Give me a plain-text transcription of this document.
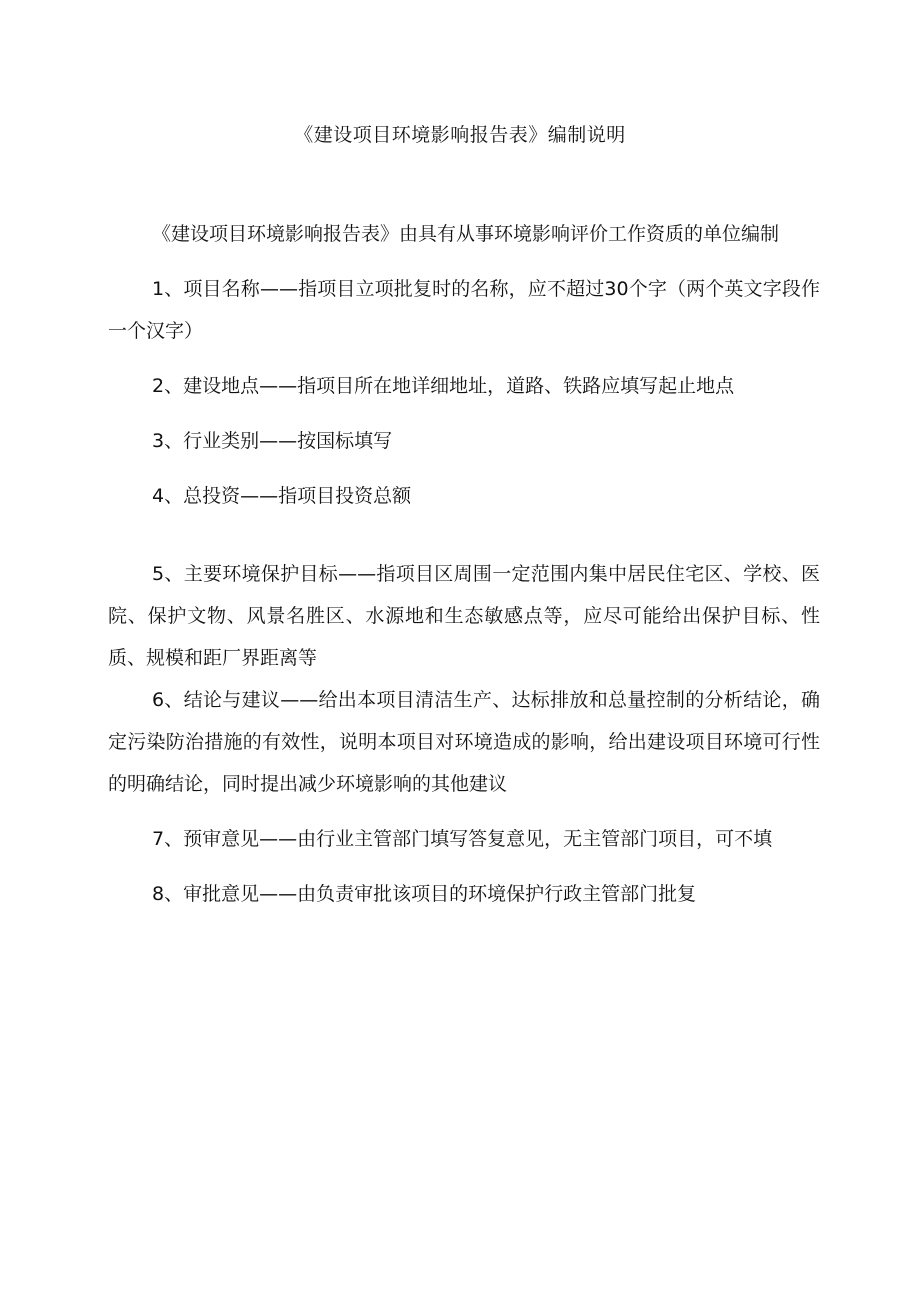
《建设项目环境影响报告表》编制说明

《建设项目环境影响报告表》由具有从事环境影响评价工作资质的单位编制

1、项目名称——指项目立项批复时的名称，应不超过30个字（两个英文字段作一个汉字）

2、建设地点——指项目所在地详细地址，道路、铁路应填写起止地点

3、行业类别——按国标填写

4、总投资——指项目投资总额

5、主要环境保护目标——指项目区周围一定范围内集中居民住宅区、学校、医院、保护文物、风景名胜区、水源地和生态敏感点等，应尽可能给出保护目标、性质、规模和距厂界距离等

6、结论与建议——给出本项目清洁生产、达标排放和总量控制的分析结论，确定污染防治措施的有效性，说明本项目对环境造成的影响，给出建设项目环境可行性的明确结论，同时提出减少环境影响的其他建议

7、预审意见——由行业主管部门填写答复意见，无主管部门项目，可不填

8、审批意见——由负责审批该项目的环境保护行政主管部门批复
